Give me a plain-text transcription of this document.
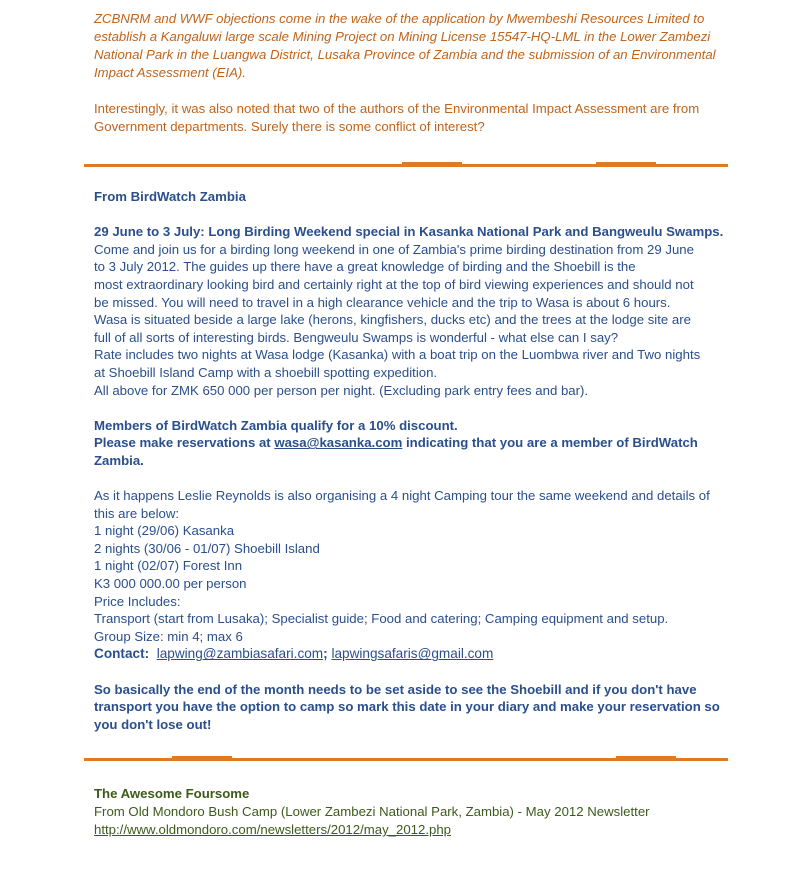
ZCBNRM and WWF objections come in the wake of the application by Mwembeshi Resources Limited to establish a Kangaluwi large scale Mining Project on Mining License 15547-HQ-LML in the Lower Zambezi National Park in the Luangwa District, Lusaka Province of Zambia and the submission of an Environmental Impact Assessment (EIA).

Interestingly, it was also noted that two of the authors of the Environmental Impact Assessment are from Government departments. Surely there is some conflict of interest?

From BirdWatch Zambia

29 June to 3 July: Long Birding Weekend special in Kasanka National Park and Bangweulu Swamps.

Come and join us for a birding long weekend in one of Zambia's prime birding destination from 29 June

to 3 July 2012. The guides up there have a great knowledge of birding and the Shoebill is the

most extraordinary looking bird and certainly right at the top of bird viewing experiences and should not

be missed. You will need to travel in a high clearance vehicle and the trip to Wasa is about 6 hours.

Wasa is situated beside a large lake (herons, kingfishers, ducks etc) and the trees at the lodge site are

full of all sorts of interesting birds. Bengweulu Swamps is wonderful - what else can I say?

Rate includes two nights at Wasa lodge (Kasanka) with a boat trip on the Luombwa river and Two nights

at Shoebill Island Camp with a shoebill spotting expedition.

All above for ZMK 650 000 per person per night. (Excluding park entry fees and bar).

Members of BirdWatch Zambia qualify for a 10% discount.

Please make reservations at wasa@kasanka.com indicating that you are a member of BirdWatch

Zambia.

As it happens Leslie Reynolds is also organising a 4 night Camping tour the same weekend and details of

this are below:

1 night (29/06) Kasanka

2 nights (30/06 - 01/07) Shoebill Island

1 night (02/07) Forest Inn

K3 000 000.00 per person

Price Includes:

Transport (start from Lusaka); Specialist guide; Food and catering; Camping equipment and setup.

Group Size: min 4; max 6

Contact: lapwing@zambiasafari.com; lapwingsafaris@gmail.com

So basically the end of the month needs to be set aside to see the Shoebill and if you don't have

transport you have the option to camp so mark this date in your diary and make your reservation so

you don't lose out!

The Awesome Foursome

From Old Mondoro Bush Camp (Lower Zambezi National Park, Zambia) - May 2012 Newsletter

http://www.oldmondoro.com/newsletters/2012/may_2012.php
